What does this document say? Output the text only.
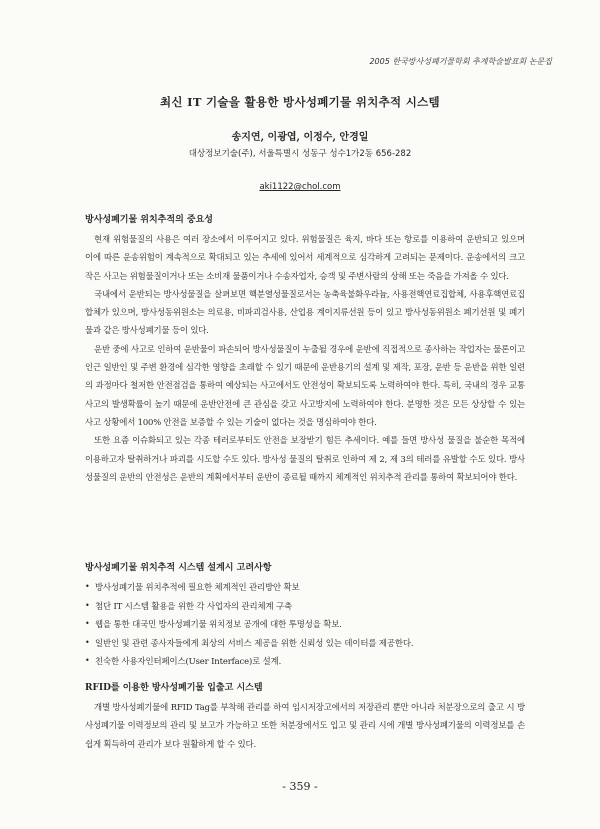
2005 한국방사성폐기물학회 추계학술발표회 논문집
최신 IT 기술을 활용한 방사성폐기물 위치추적 시스템
송지연, 이광엽, 이정수, 안경일
대상정보기술(주), 서울특별시 성동구 성수1가2동 656-282
aki1122@chol.com
방사성폐기물 위치추적의 중요성

현재 위험물질의 사용은 여러 장소에서 이루어지고 있다. 위험물질은 육지, 바다 또는 항로를 이용하여 운반되고 있으며 이에 따른 운송위험이 계속적으로 확대되고 있는 추세에 있어서 세계적으로 심각하게 고려되는 문제이다. 운송에서의 크고 작은 사고는 위험물질이거나 또는 소비재 물품이거나 수송자업자, 승객 및 주변사람의 상해 또는 죽음을 가져올 수 있다.

국내에서 운반되는 방사성물질을 살펴보면 핵분열성물질로서는 농축육불화우라늄, 사용전핵연료집합체, 사용후핵연료집합체가 있으며, 방사성동위원소는 의료용, 비파괴검사용, 산업용 계이지류선원 등이 있고 방사성동위원소 폐기선원 및 폐기물과 같은 방사성폐기물 등이 있다.

운반 중에 사고로 인하여 운반물이 파손되어 방사성물질이 누출될 경우에 운반에 직접적으로 종사하는 작업자는 물론이고 인근 일반인 및 주변 환경에 심각한 영향을 초래할 수 있기 때문에 운반용기의 설계 및 제작, 포장, 운반 등 운반을 위한 일련의 과정마다 철저한 안전점검을 통하여 예상되는 사고에서도 안전성이 확보되도록 노력하여야 한다. 특히, 국내의 경우 교통사고의 발생확률이 높기 때문에 운반안전에 큰 관심을 갖고 사고방지에 노력하여야 한다. 분명한 것은 모든 상상할 수 있는 사고 상황에서 100% 안전을 보증할 수 있는 기술이 없다는 것을 명심하여야 한다.

또한 요즘 이슈화되고 있는 각종 테러로부터도 안전을 보장받기 힘든 추세이다. 예를 들면 방사성 물질을 불순한 목적에 이용하고자 탈취하거나 파괴를 시도할 수도 있다. 방사성 물질의 탈취로 인하여 제 2, 제 3의 테러를 유발할 수도 있다. 방사성물질의 운반의 안전성은 운반의 계획에서부터 운반이 종료될 때까지 체계적인 위치추적 관리를 통하여 확보되어야 한다.

방사성폐기물 위치추적 시스템 설계시 고려사항
• 방사성폐기물 위치추적에 필요한 체계적인 관리방안 확보
• 첨단 IT 시스템 활용을 위한 각 사업자의 관리체계 구축
• 웹을 통한 대국민 방사성폐기물 위치정보 공개에 대한 투명성을 확보.
• 일반인 및 관련 종사자들에게 최상의 서비스 제공을 위한 신뢰성 있는 데이터를 제공한다.
• 친숙한 사용자인터페이스(User Interface)로 설계.
RFID를 이용한 방사성폐기물 입출고 시스템

개별 방사성폐기물에 RFID Tag를 부착해 관리를 하여 임시저장고에서의 저장관리 뿐만 아니라 처분장으로의 출고 시 방사성폐기물 이력정보의 관리 및 보고가 가능하고 또한 처분장에서도 입고 및 관리 시에 개별 방사성폐기물의 이력정보를 손쉽게 획득하여 관리가 보다 원활하게 할 수 있다.

- 359 -
